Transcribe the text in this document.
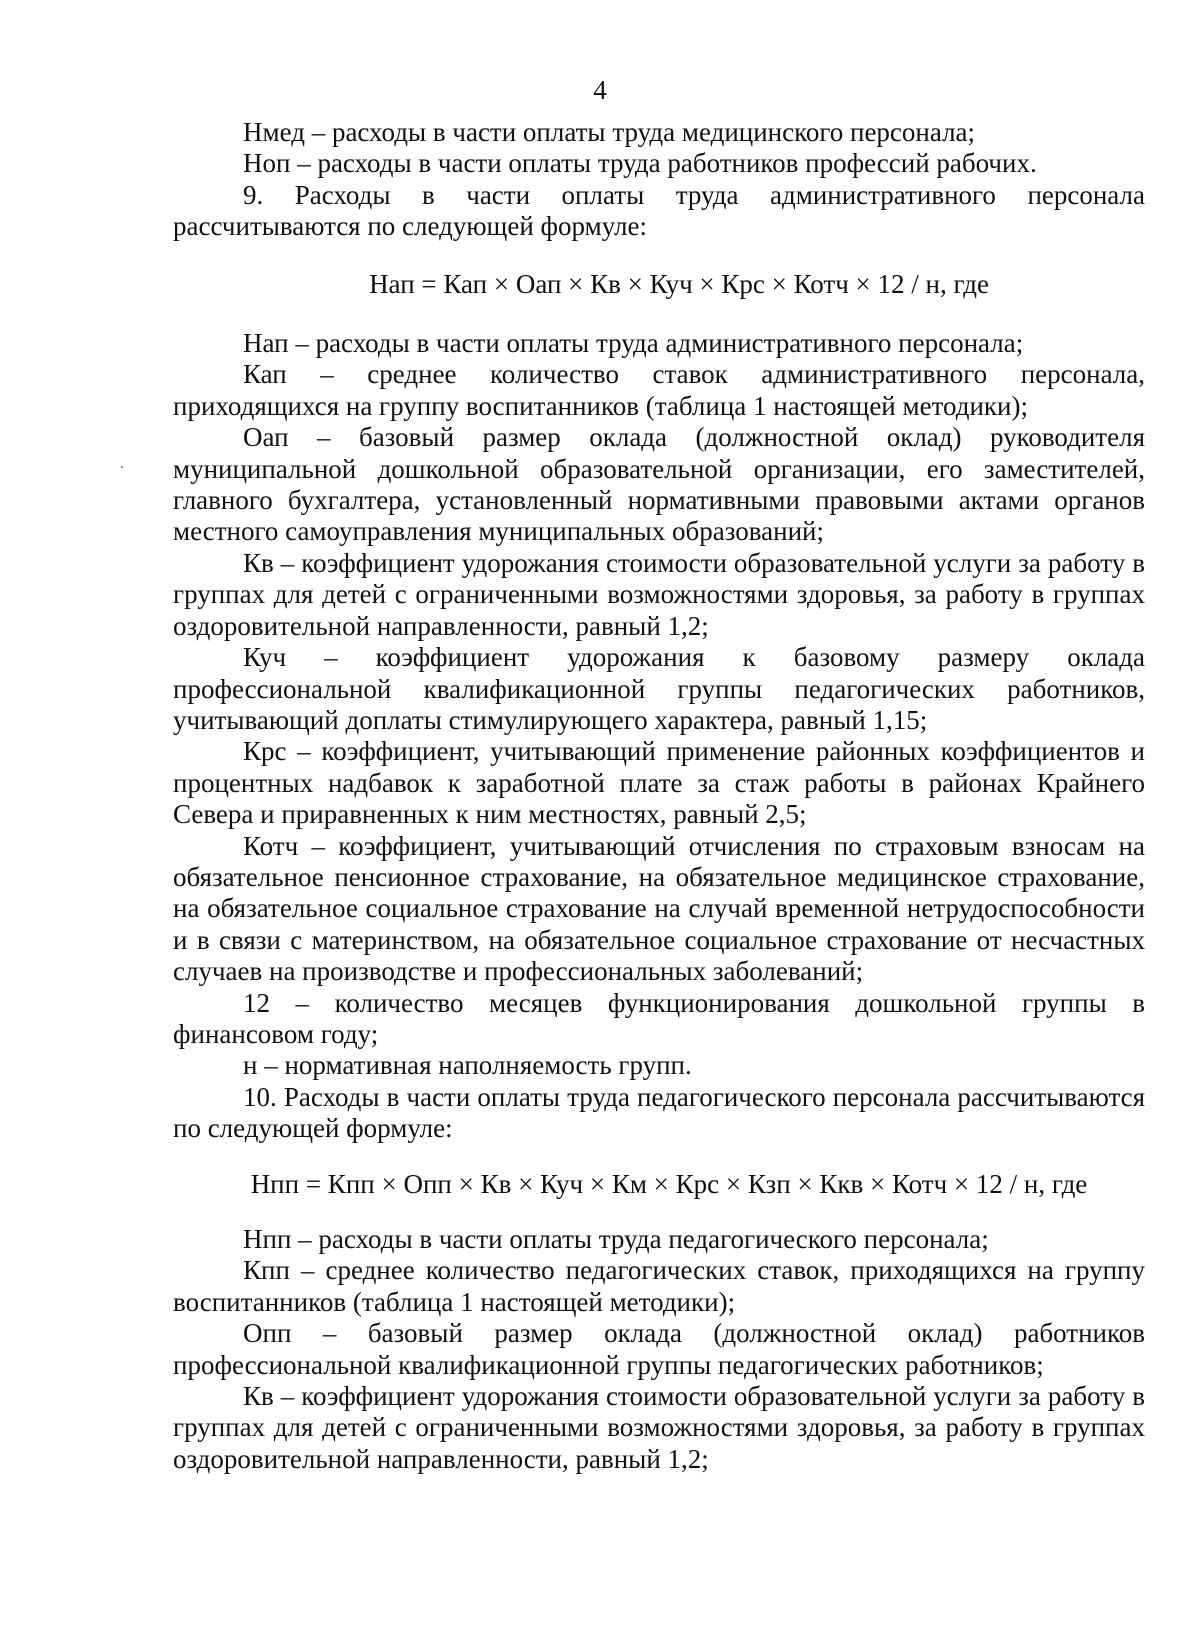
4

Нмед – расходы в части оплаты труда медицинского персонала;

Ноп – расходы в части оплаты труда работников профессий рабочих.

9. Расходы в части оплаты труда административного персонала рассчитываются по следующей формуле:

Нап = Кап × Оап × Кв × Куч × Крс × Котч × 12 / н, где

Нап – расходы в части оплаты труда административного персонала;

Кап – среднее количество ставок административного персонала, приходящихся на группу воспитанников (таблица 1 настоящей методики);

Оап – базовый размер оклада (должностной оклад) руководителя муниципальной дошкольной образовательной организации, его заместителей, главного бухгалтера, установленный нормативными правовыми актами органов местного самоуправления муниципальных образований;

Кв – коэффициент удорожания стоимости образовательной услуги за работу в группах для детей с ограниченными возможностями здоровья, за работу в группах оздоровительной направленности, равный 1,2;

Куч – коэффициент удорожания к базовому размеру оклада профессиональной квалификационной группы педагогических работников, учитывающий доплаты стимулирующего характера, равный 1,15;

Крс – коэффициент, учитывающий применение районных коэффициентов и процентных надбавок к заработной плате за стаж работы в районах Крайнего Севера и приравненных к ним местностях, равный 2,5;

Котч – коэффициент, учитывающий отчисления по страховым взносам на обязательное пенсионное страхование, на обязательное медицинское страхование, на обязательное социальное страхование на случай временной нетрудоспособности и в связи с материнством, на обязательное социальное страхование от несчастных случаев на производстве и профессиональных заболеваний;

12 – количество месяцев функционирования дошкольной группы в финансовом году;

н – нормативная наполняемость групп.

10. Расходы в части оплаты труда педагогического персонала рассчитываются по следующей формуле:

Нпп = Кпп × Опп × Кв × Куч × Км × Крс × Кзп × Ккв × Котч × 12 / н, где

Нпп – расходы в части оплаты труда педагогического персонала;

Кпп – среднее количество педагогических ставок, приходящихся на группу воспитанников (таблица 1 настоящей методики);

Опп – базовый размер оклада (должностной оклад) работников профессиональной квалификационной группы педагогических работников;

Кв – коэффициент удорожания стоимости образовательной услуги за работу в группах для детей с ограниченными возможностями здоровья, за работу в группах оздоровительной направленности, равный 1,2;
